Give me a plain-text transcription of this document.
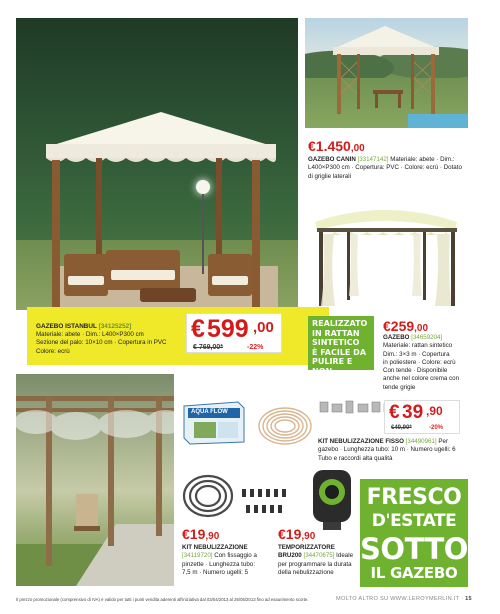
€1.450,00
GAZEBO CANIN [33147142] Materiale: abete · Dim.:
L400×P300 cm · Copertura: PVC · Colore: ecrù · Dotato
di grigliе laterali
GAZEBO ISTANBUL [34125252]
Materiale: abete · Dim.: L400×P300 cm
Sezione del palo: 10×10 cm · Copertura in PVC
Colore: ecrù
€ 599 ,00
€ 769,00*	-22%
REALIZZATO
IN RATTAN
SINTETICO
È FACILE DA
PULIRE E NON
CREA MUFFE
€259,00
GAZEBO [34659204]
Materiale: rattan sintetico
Dim.: 3×3 m · Copertura
in poliestere · Colore: ecrù
Con tende · Disponibile
anche nel colore crema con
tende grigie
AQUA FLOW	€ 39 ,90
€49,90*	-20%
KIT NEBULIZZAZIONE FISSO [34490961] Per
gazebo · Lunghezza tubo: 10 m · Numero ugelli: 6
Tubo e raccordi alta qualità
€19,90
KIT NEBULIZZAZIONE
[34119720] Con fissaggio a
pinzette · Lunghezza tubo:
7,5 m · Numero ugelli: 5
€19,90
TEMPORIZZATORE
BRU200 [34470675] Ideale
per programmare la durata
della nebulizzazione
FRESCO
D'ESTATE
SOTTO
IL GAZEBO
Il prezzo promozionale (comprensivo di IVA) è valido per tutti i punti vendita aderenti all'iniziativa dal 03/04/2013 al 26/05/2013 fino ad esaurimento scorte.	MOLTO ALTRO SU WWW.LEROYMERLIN.IT · 15
